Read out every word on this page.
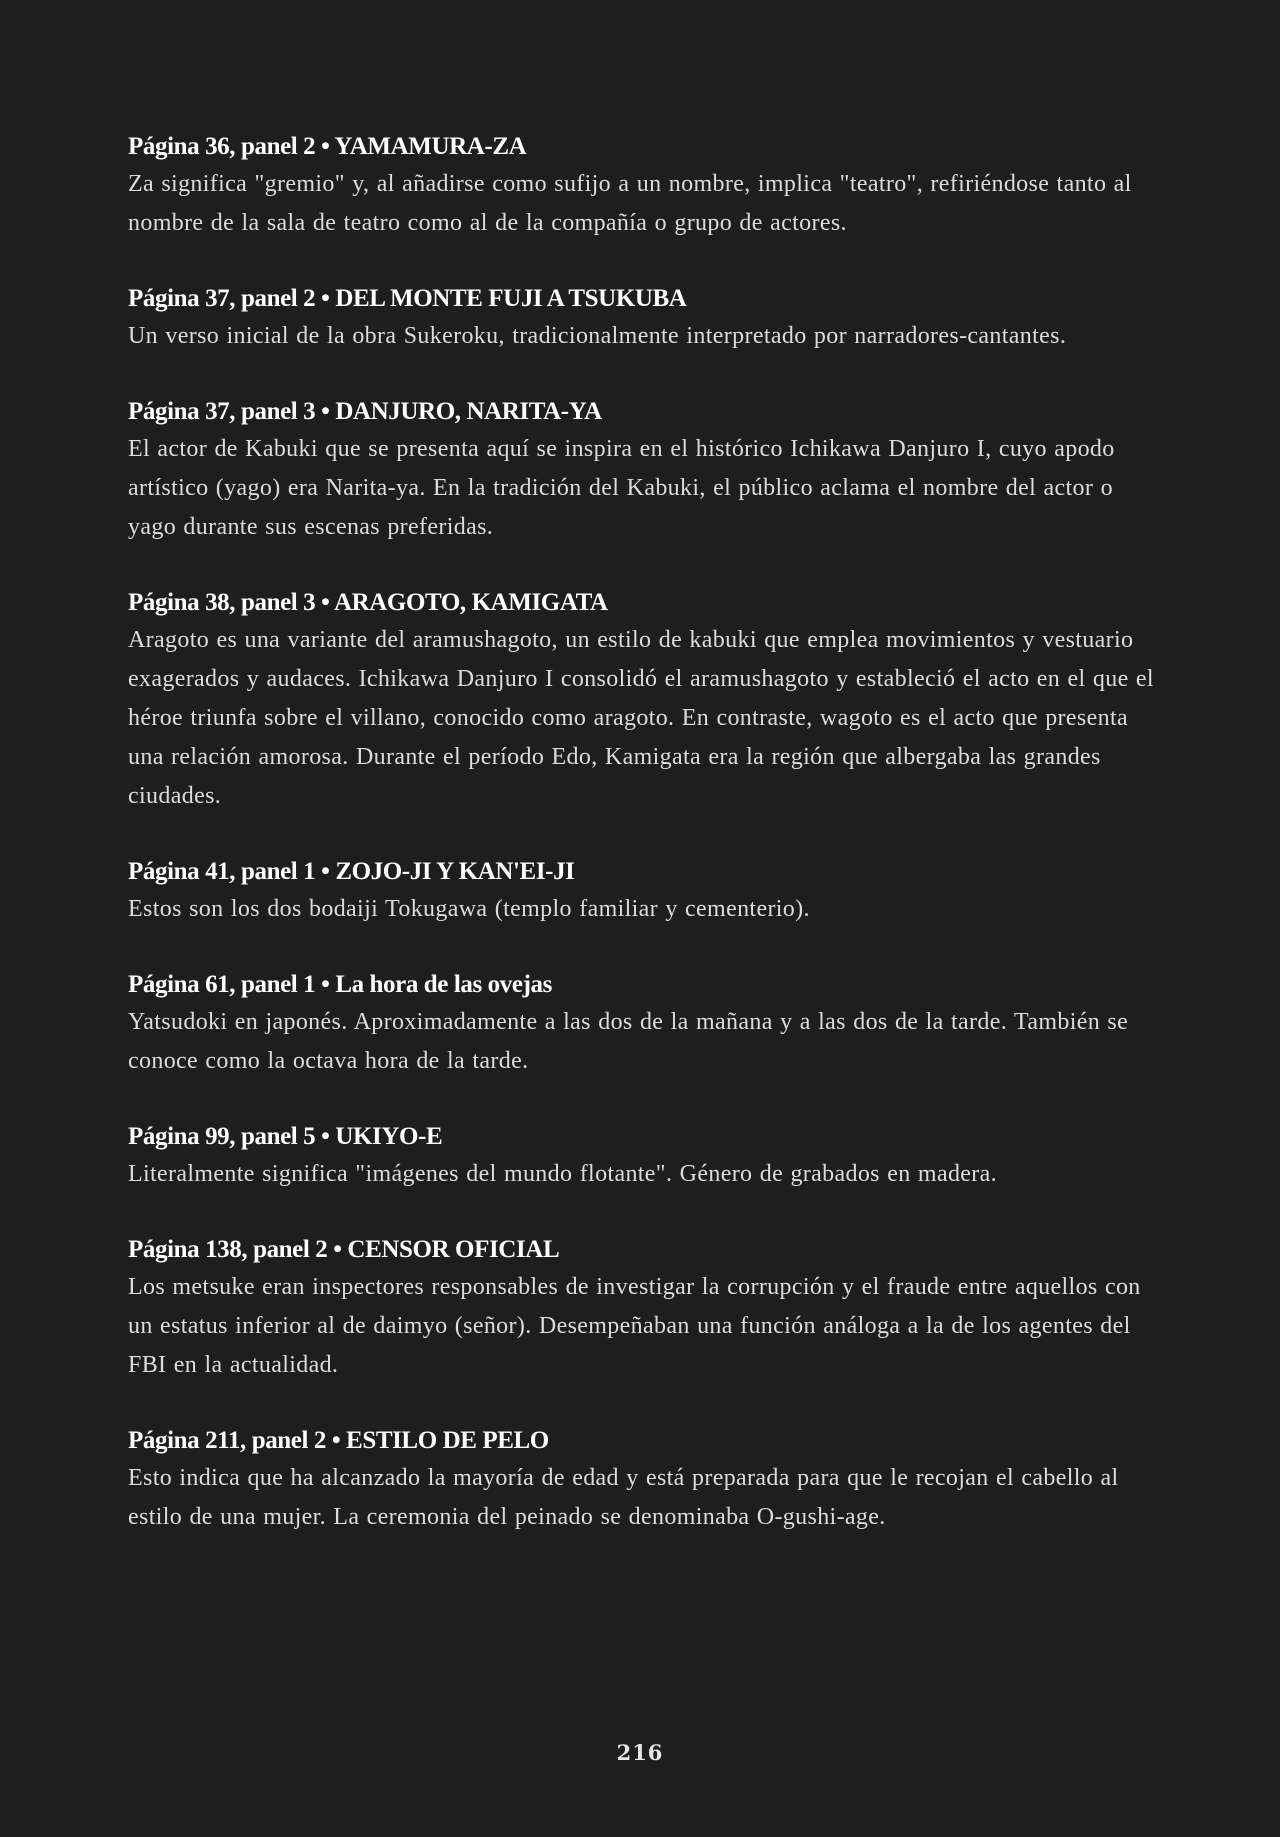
Página 36, panel 2 • YAMAMURA-ZA
Za significa "gremio" y, al añadirse como sufijo a un nombre, implica "teatro", refiriéndose tanto al nombre de la sala de teatro como al de la compañía o grupo de actores.
Página 37, panel 2 • DEL MONTE FUJI A TSUKUBA
Un verso inicial de la obra Sukeroku, tradicionalmente interpretado por narradores-cantantes.
Página 37, panel 3 • DANJURO, NARITA-YA
El actor de Kabuki que se presenta aquí se inspira en el histórico Ichikawa Danjuro I, cuyo apodo artístico (yago) era Narita-ya. En la tradición del Kabuki, el público aclama el nombre del actor o yago durante sus escenas preferidas.
Página 38, panel 3 • ARAGOTO, KAMIGATA
Aragoto es una variante del aramushagoto, un estilo de kabuki que emplea movimientos y vestuario exagerados y audaces. Ichikawa Danjuro I consolidó el aramushagoto y estableció el acto en el que el héroe triunfa sobre el villano, conocido como aragoto. En contraste, wagoto es el acto que presenta una relación amorosa. Durante el período Edo, Kamigata era la región que albergaba las grandes ciudades.
Página 41, panel 1 • ZOJO-JI Y KAN'EI-JI
Estos son los dos bodaiji Tokugawa (templo familiar y cementerio).
Página 61, panel 1 • La hora de las ovejas
Yatsudoki en japonés. Aproximadamente a las dos de la mañana y a las dos de la tarde. También se conoce como la octava hora de la tarde.
Página 99, panel 5 • UKIYO-E
Literalmente significa "imágenes del mundo flotante". Género de grabados en madera.
Página 138, panel 2 • CENSOR OFICIAL
Los metsuke eran inspectores responsables de investigar la corrupción y el fraude entre aquellos con un estatus inferior al de daimyo (señor). Desempeñaban una función análoga a la de los agentes del FBI en la actualidad.
Página 211, panel 2 • ESTILO DE PELO
Esto indica que ha alcanzado la mayoría de edad y está preparada para que le recojan el cabello al estilo de una mujer. La ceremonia del peinado se denominaba O-gushi-age.
216
